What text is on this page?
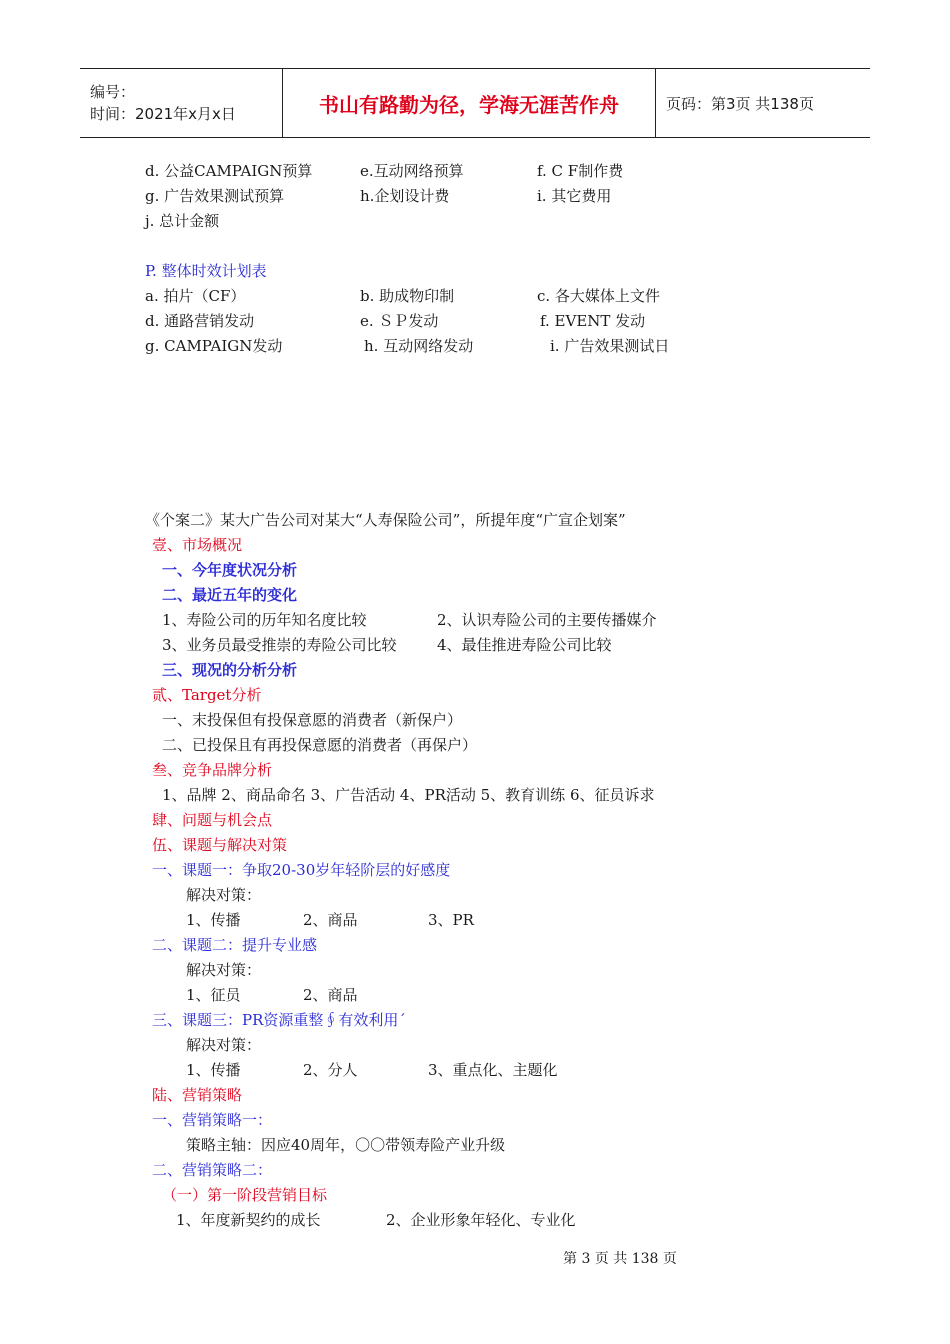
编号：
时间：2021年x月x日	书山有路勤为径，学海无涯苦作舟	页码：第3页 共138页
d. 公益CAMPAIGN预算	e.互动网络预算	f. C F制作费
g. 广告效果测试预算	h.企划设计费	i. 其它费用
j. 总计金额
P. 整体时效计划表
a. 拍片（CF）	b. 助成物印制	c. 各大媒体上文件
d. 通路营销发动	e. ＳＰ发动	f. EVENT 发动
g. CAMPAIGN发动	h. 互动网络发动	i. 广告效果测试日
《个案二》某大广告公司对某大“人寿保险公司”，所提年度“广宣企划案”
壹、市场概况
一、今年度状况分析
二、最近五年的变化
1、寿险公司的历年知名度比较	2、认识寿险公司的主要传播媒介
3、业务员最受推崇的寿险公司比较	4、最佳推进寿险公司比较
三、现况的分析分析
贰、Target分析
一、末投保但有投保意愿的消费者（新保户）
二、已投保且有再投保意愿的消费者（再保户）
叁、竞争品牌分析
1、品牌 2、商品命名 3、广告活动 4、PR活动 5、教育训练 6、征员诉求
肆、问题与机会点
伍、课题与解决对策
一、课题一：争取20-30岁年轻阶层的好感度
解决对策：
1、传播	2、商品	3、PR
二、课题二：提升专业感
解决对策：
1、征员	2、商品
三、课题三：PR资源重整∮有效利用ˊ
解决对策：
1、传播	2、分人	3、重点化、主题化
陆、营销策略
一、营销策略一：
策略主轴：因应40周年，〇〇带领寿险产业升级
二、营销策略二：
（一）第一阶段营销目标
1、年度新契约的成长	2、企业形象年轻化、专业化
第 3 页 共 138 页
